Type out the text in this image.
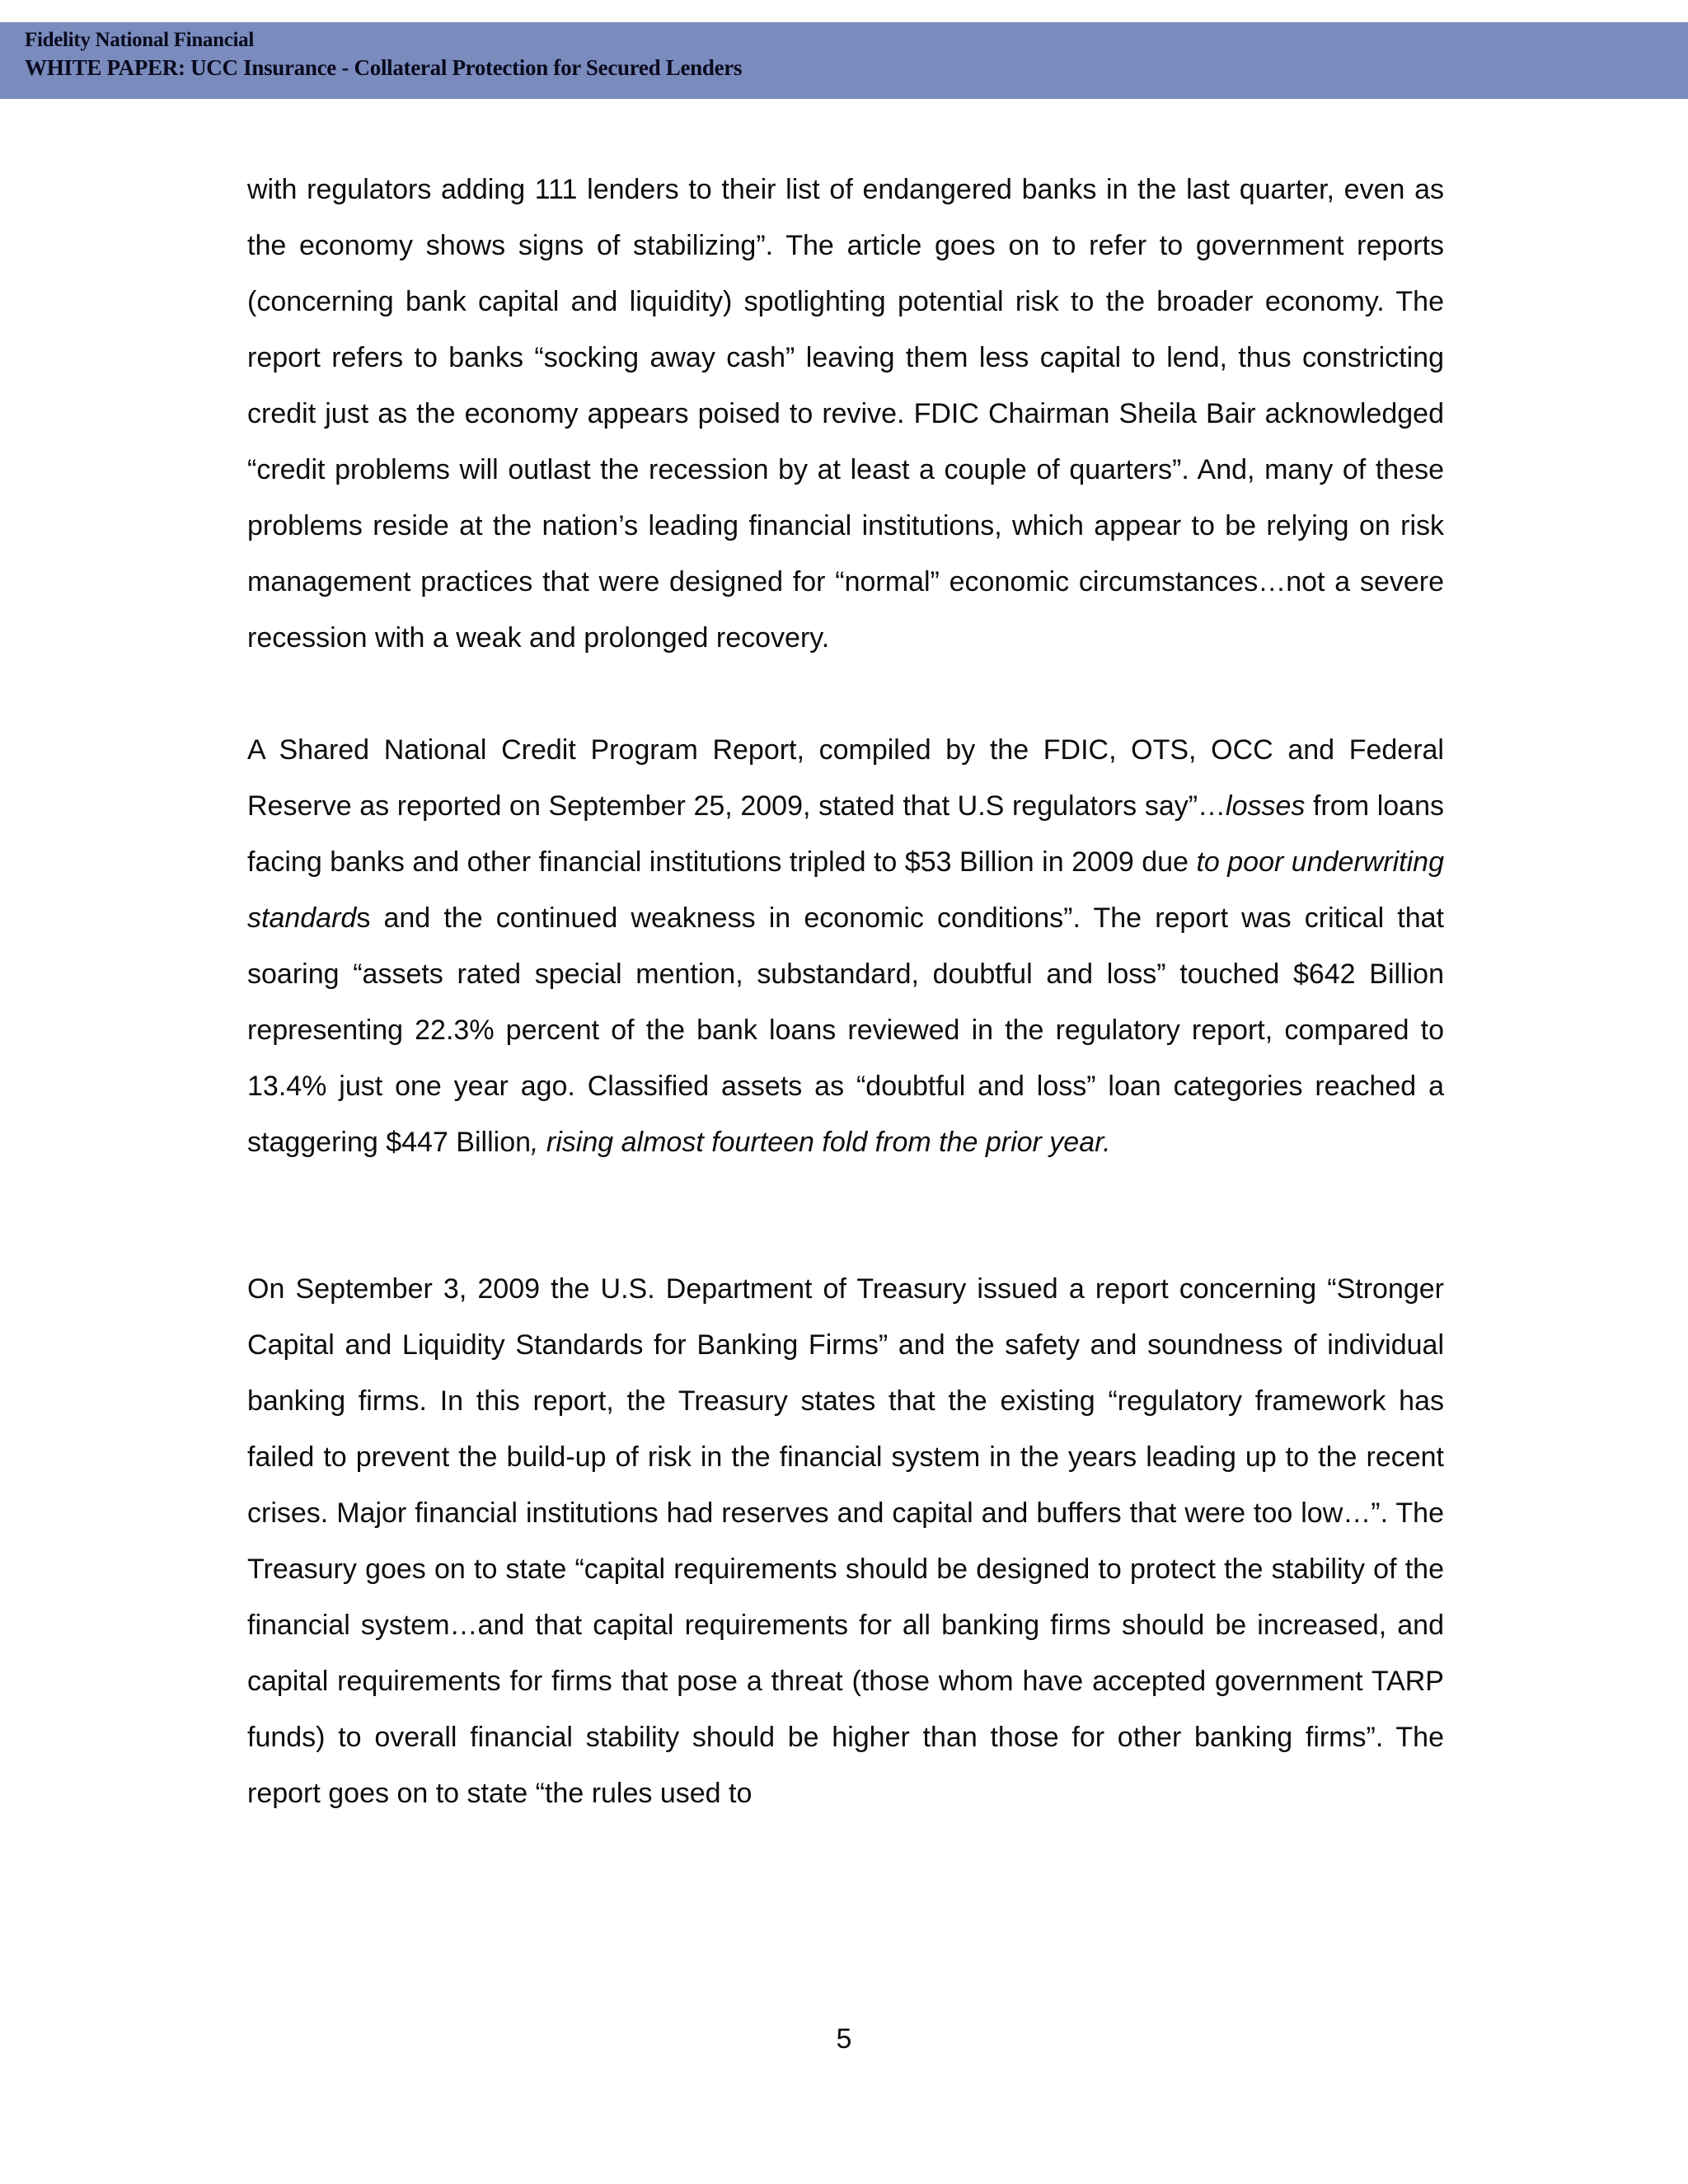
Fidelity National Financial
WHITE PAPER: UCC Insurance - Collateral Protection for Secured Lenders

with regulators adding 111 lenders to their list of endangered banks in the last quarter, even as the economy shows signs of stabilizing”. The article goes on to refer to government reports (concerning bank capital and liquidity) spotlighting potential risk to the broader economy. The report refers to banks “socking away cash” leaving them less capital to lend, thus constricting credit just as the economy appears poised to revive. FDIC Chairman Sheila Bair acknowledged “credit problems will outlast the recession by at least a couple of quarters”. And, many of these problems reside at the nation’s leading financial institutions, which appear to be relying on risk management practices that were designed for “normal” economic circumstances…not a severe recession with a weak and prolonged recovery.

A Shared National Credit Program Report, compiled by the FDIC, OTS, OCC and Federal Reserve as reported on September 25, 2009, stated that U.S regulators say”…losses from loans facing banks and other financial institutions tripled to $53 Billion in 2009 due to poor underwriting standards and the continued weakness in economic conditions”. The report was critical that soaring “assets rated special mention, substandard, doubtful and loss” touched $642 Billion representing 22.3% percent of the bank loans reviewed in the regulatory report, compared to 13.4% just one year ago. Classified assets as “doubtful and loss” loan categories reached a staggering $447 Billion, rising almost fourteen fold from the prior year.

On September 3, 2009 the U.S. Department of Treasury issued a report concerning “Stronger Capital and Liquidity Standards for Banking Firms” and the safety and soundness of individual banking firms. In this report, the Treasury states that the existing “regulatory framework has failed to prevent the build-up of risk in the financial system in the years leading up to the recent crises. Major financial institutions had reserves and capital and buffers that were too low…”. The Treasury goes on to state “capital requirements should be designed to protect the stability of the financial system…and that capital requirements for all banking firms should be increased, and capital requirements for firms that pose a threat (those whom have accepted government TARP funds) to overall financial stability should be higher than those for other banking firms”. The report goes on to state “the rules used to

5
